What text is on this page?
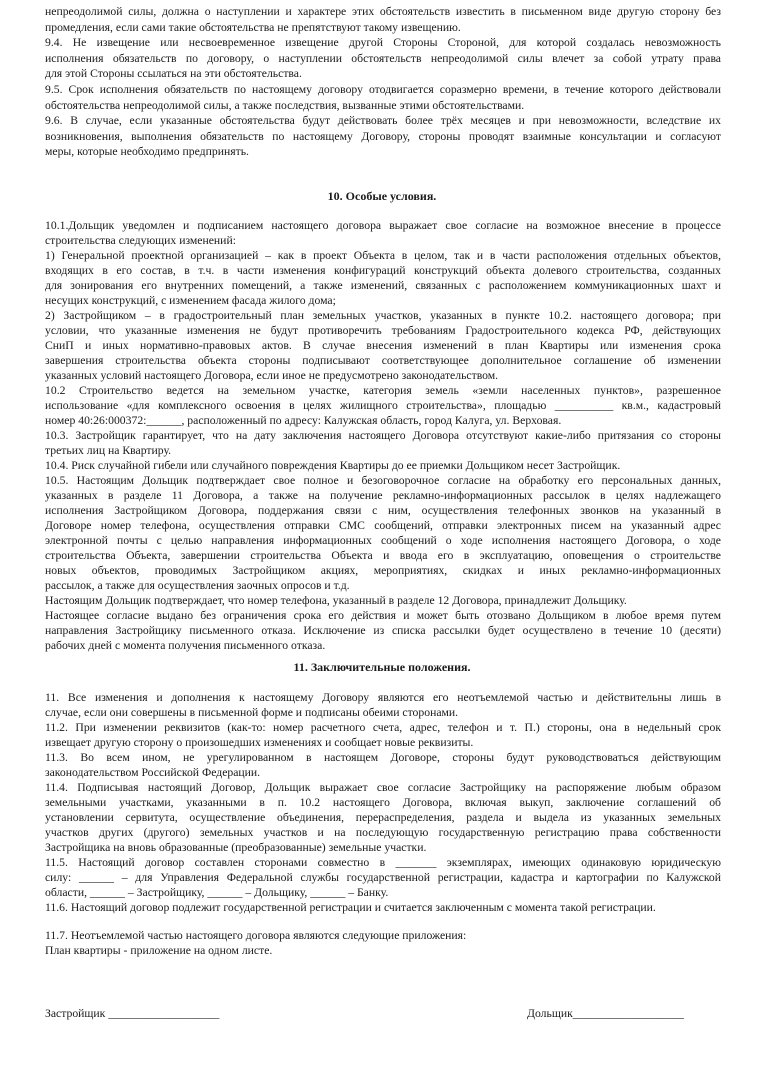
непреодолимой силы, должна о наступлении и характере этих обстоятельств известить в письменном виде другую сторону без
промедления, если сами такие обстоятельства не препятствуют такому извещению.
9.4. Не извещение или несвоевременное извещение другой Стороны Стороной, для которой создалась невозможность
исполнения обязательств по договору, о наступлении обстоятельств непреодолимой силы влечет за собой утрату права
для этой Стороны ссылаться на эти обстоятельства.
9.5. Срок исполнения обязательств по настоящему договору отодвигается соразмерно времени, в течение которого действовали
обстоятельства непреодолимой силы, а также последствия, вызванные этими обстоятельствами.
9.6. В случае, если указанные обстоятельства будут действовать более трёх месяцев и при невозможности, вследствие их
возникновения, выполнения обязательств по настоящему Договору, стороны проводят взаимные консультации и согласуют
меры, которые необходимо предпринять.
10. Особые условия.
10.1.Дольщик уведомлен и подписанием настоящего договора выражает свое согласие на возможное внесение в процессе
строительства следующих изменений:
1) Генеральной проектной организацией – как в проект Объекта в целом, так и в части расположения отдельных объектов,
входящих в его состав, в т.ч. в части изменения конфигураций конструкций объекта долевого строительства, созданных
для зонирования его внутренних помещений, а также изменений, связанных с расположением коммуникационных шахт и
несущих конструкций, с изменением фасада жилого дома;
2) Застройщиком – в градостроительный план земельных участков, указанных в пункте 10.2. настоящего договора; при
условии, что указанные изменения не будут противоречить требованиям Градостроительного кодекса РФ, действующих
СниП и иных нормативно-правовых актов. В случае внесения изменений в план Квартиры или изменения срока
завершения строительства объекта стороны подписывают соответствующее дополнительное соглашение об изменении
указанных условий настоящего Договора, если иное не предусмотрено законодательством.
10.2 Строительство ведется на земельном участке, категория земель «земли населенных пунктов», разрешенное
использование «для комплексного освоения в целях жилищного строительства», площадью __________ кв.м., кадастровый
номер 40:26:000372:______, расположенный по адресу: Калужская область, город Калуга, ул. Верховая.
10.3. Застройщик гарантирует, что на дату заключения настоящего Договора отсутствуют какие-либо притязания со стороны
третьих лиц на Квартиру.
10.4. Риск случайной гибели или случайного повреждения Квартиры до ее приемки Дольщиком несет Застройщик.
10.5. Настоящим Дольщик подтверждает свое полное и безоговорочное согласие на обработку его персональных данных,
указанных в разделе 11 Договора, а также на получение рекламно-информационных рассылок в целях надлежащего
исполнения Застройщиком Договора, поддержания связи с ним, осуществления телефонных звонков на указанный в
Договоре номер телефона, осуществления отправки СМС сообщений, отправки электронных писем на указанный адрес
электронной почты с целью направления информационных сообщений о ходе исполнения настоящего Договора, о ходе
строительства Объекта, завершении строительства Объекта и ввода его в эксплуатацию, оповещения о строительстве
новых объектов, проводимых Застройщиком акциях, мероприятиях, скидках и иных рекламно-информационных
рассылок, а также для осуществления заочных опросов и т.д.
Настоящим Дольщик подтверждает, что номер телефона, указанный в разделе 12 Договора, принадлежит Дольщику.
Настоящее согласие выдано без ограничения срока его действия и может быть отозвано Дольщиком в любое время путем
направления Застройщику письменного отказа. Исключение из списка рассылки будет осуществлено в течение 10 (десяти)
рабочих дней с момента получения письменного отказа.
11. Заключительные положения.
11. Все изменения и дополнения к настоящему Договору являются его неотъемлемой частью и действительны лишь в
случае, если они совершены в письменной форме и подписаны обеими сторонами.
11.2. При изменении реквизитов (как-то: номер расчетного счета, адрес, телефон и т. П.) стороны, она в недельный срок
извещает другую сторону о произошедших изменениях и сообщает новые реквизиты.
11.3. Во всем ином, не урегулированном в настоящем Договоре, стороны будут руководствоваться действующим
законодательством Российской Федерации.
11.4. Подписывая настоящий Договор, Дольщик выражает свое согласие Застройщику на распоряжение любым образом
земельными участками, указанными в п. 10.2 настоящего Договора, включая выкуп, заключение соглашений об
установлении сервитута, осуществление объединения, перераспределения, раздела и выдела из указанных земельных
участков других (другого) земельных участков и на последующую государственную регистрацию права собственности
Застройщика на вновь образованные (преобразованные) земельные участки.
11.5. Настоящий договор составлен сторонами совместно в _______ экземплярах, имеющих одинаковую юридическую
силу: ______ – для Управления Федеральной службы государственной регистрации, кадастра и картографии по Калужской
области, ______ – Застройщику, ______ – Дольщику, ______ – Банку.
11.6. Настоящий договор подлежит государственной регистрации и считается заключенным с момента такой регистрации.
11.7. Неотъемлемой частью настоящего договора являются следующие приложения:
План квартиры - приложение на одном листе.
Застройщик ___________________	Дольщик___________________
